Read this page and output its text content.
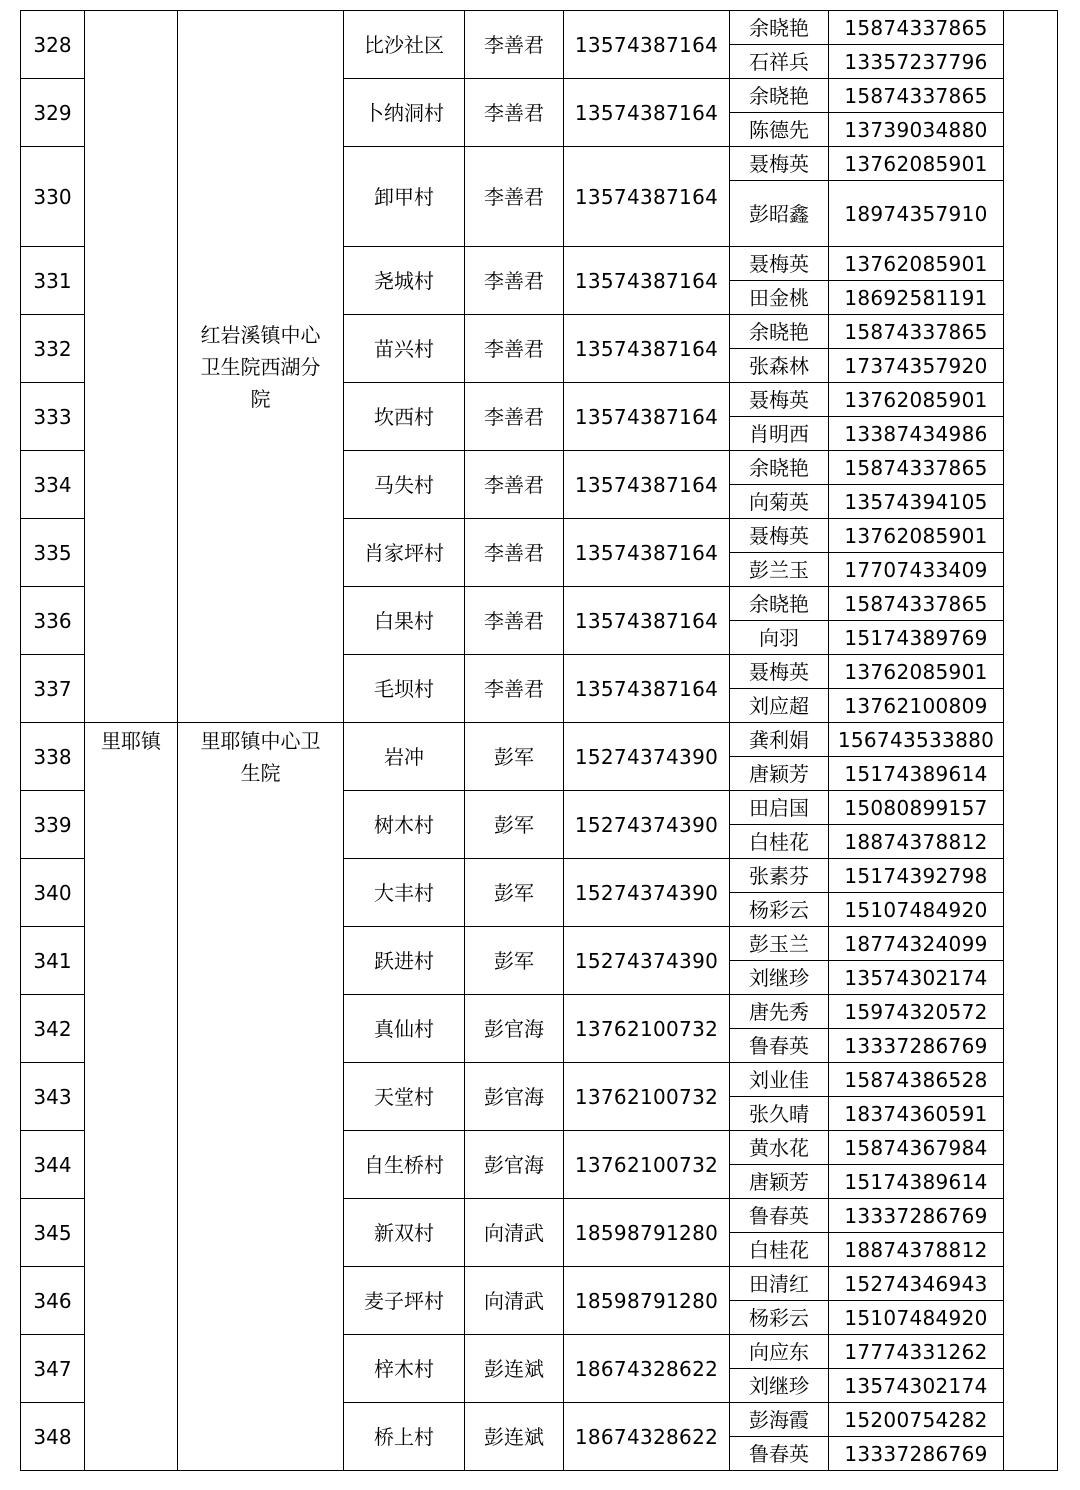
328		红岩溪镇中心卫生院西湖分院	比沙社区	李善君	13574387164	余晓艳	15874337865	
						石祥兵	13357237796	
329			卜纳洞村	李善君	13574387164	余晓艳	15874337865	
						陈德先	13739034880	
330			卸甲村	李善君	13574387164	聂梅英	13762085901	
						彭昭鑫	18974357910	
331			尧城村	李善君	13574387164	聂梅英	13762085901	
						田金桃	18692581191	
332			苗兴村	李善君	13574387164	余晓艳	15874337865	
						张森林	17374357920	
333			坎西村	李善君	13574387164	聂梅英	13762085901	
						肖明西	13387434986	
334			马失村	李善君	13574387164	余晓艳	15874337865	
						向菊英	13574394105	
335			肖家坪村	李善君	13574387164	聂梅英	13762085901	
						彭兰玉	17707433409	
336			白果村	李善君	13574387164	余晓艳	15874337865	
						向羽	15174389769	
337			毛坝村	李善君	13574387164	聂梅英	13762085901	
						刘应超	13762100809	
338	里耶镇	里耶镇中心卫生院	岩冲	彭军	15274374390	龚利娟	156743533880	
						唐颖芳	15174389614	
339			树木村	彭军	15274374390	田启国	15080899157	
						白桂花	18874378812	
340			大丰村	彭军	15274374390	张素芬	15174392798	
						杨彩云	15107484920	
341			跃进村	彭军	15274374390	彭玉兰	18774324099	
						刘继珍	13574302174	
342			真仙村	彭官海	13762100732	唐先秀	15974320572	
						鲁春英	13337286769	
343			天堂村	彭官海	13762100732	刘业佳	15874386528	
						张久晴	18374360591	
344			自生桥村	彭官海	13762100732	黄水花	15874367984	
						唐颖芳	15174389614	
345			新双村	向清武	18598791280	鲁春英	13337286769	
						白桂花	18874378812	
346			麦子坪村	向清武	18598791280	田清红	15274346943	
						杨彩云	15107484920	
347			梓木村	彭连斌	18674328622	向应东	17774331262	
						刘继珍	13574302174	
348			桥上村	彭连斌	18674328622	彭海霞	15200754282	
						鲁春英	13337286769	
